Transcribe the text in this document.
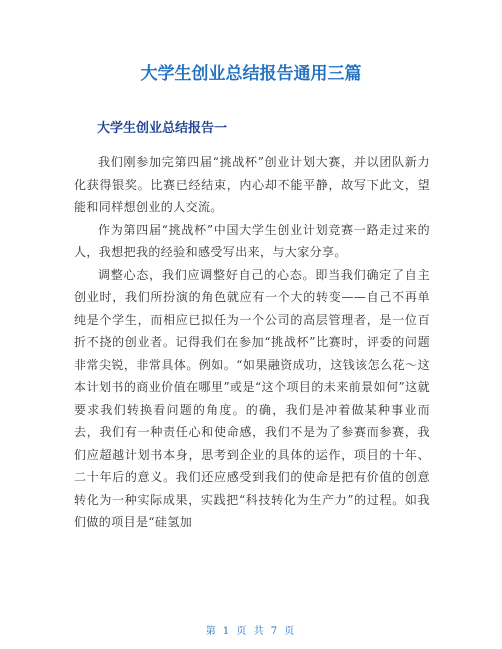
大学生创业总结报告通用三篇
大学生创业总结报告一

我们刚参加完第四届“挑战杯”创业计划大赛，并以团队新力化获得银奖。比赛已经结束，内心却不能平静，故写下此文，望能和同样想创业的人交流。

作为第四届“挑战杯”中国大学生创业计划竞赛一路走过来的人，我想把我的经验和感受写出来，与大家分享。

调整心态，我们应调整好自己的心态。即当我们确定了自主创业时，我们所扮演的角色就应有一个大的转变——自己不再单纯是个学生，而相应已拟任为一个公司的高层管理者，是一位百折不挠的创业者。记得我们在参加“挑战杯”比赛时，评委的问题非常尖锐，非常具体。例如。“如果融资成功，这钱该怎么花～这本计划书的商业价值在哪里”或是“这个项目的未来前景如何”这就要求我们转换看问题的角度。的确，我们是冲着做某种事业而去，我们有一种责任心和使命感，我们不是为了参赛而参赛，我们应超越计划书本身，思考到企业的具体的运作，项目的十年、二十年后的意义。我们还应感受到我们的使命是把有价值的创意转化为一种实际成果，实践把“科技转化为生产力”的过程。如我们做的项目是“硅氢加

第 1 页 共 7 页
